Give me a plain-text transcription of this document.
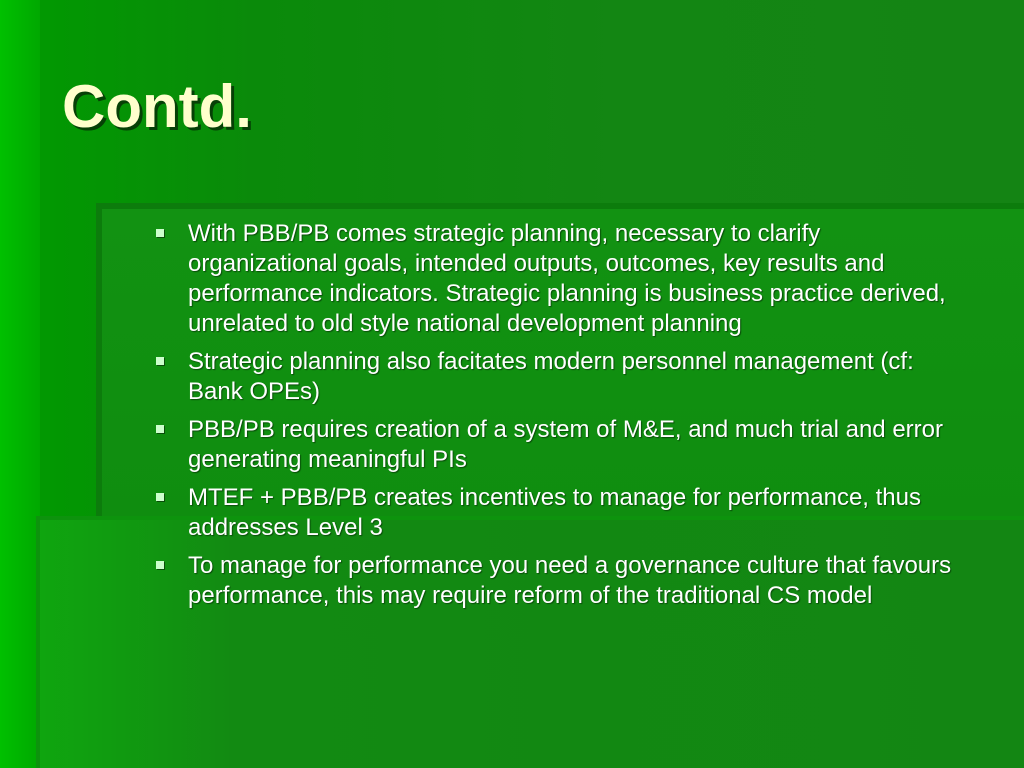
Contd.
With PBB/PB comes strategic planning, necessary to clarify organizational goals, intended outputs, outcomes, key results and performance indicators. Strategic planning is business practice derived, unrelated to old style national development planning
Strategic planning also facitates modern personnel management (cf: Bank OPEs)
PBB/PB requires creation of a system of M&E, and much trial and error generating meaningful PIs
MTEF + PBB/PB creates incentives to manage for performance, thus addresses Level 3
To manage for performance you need a governance culture that favours performance, this may require reform of the traditional CS model
